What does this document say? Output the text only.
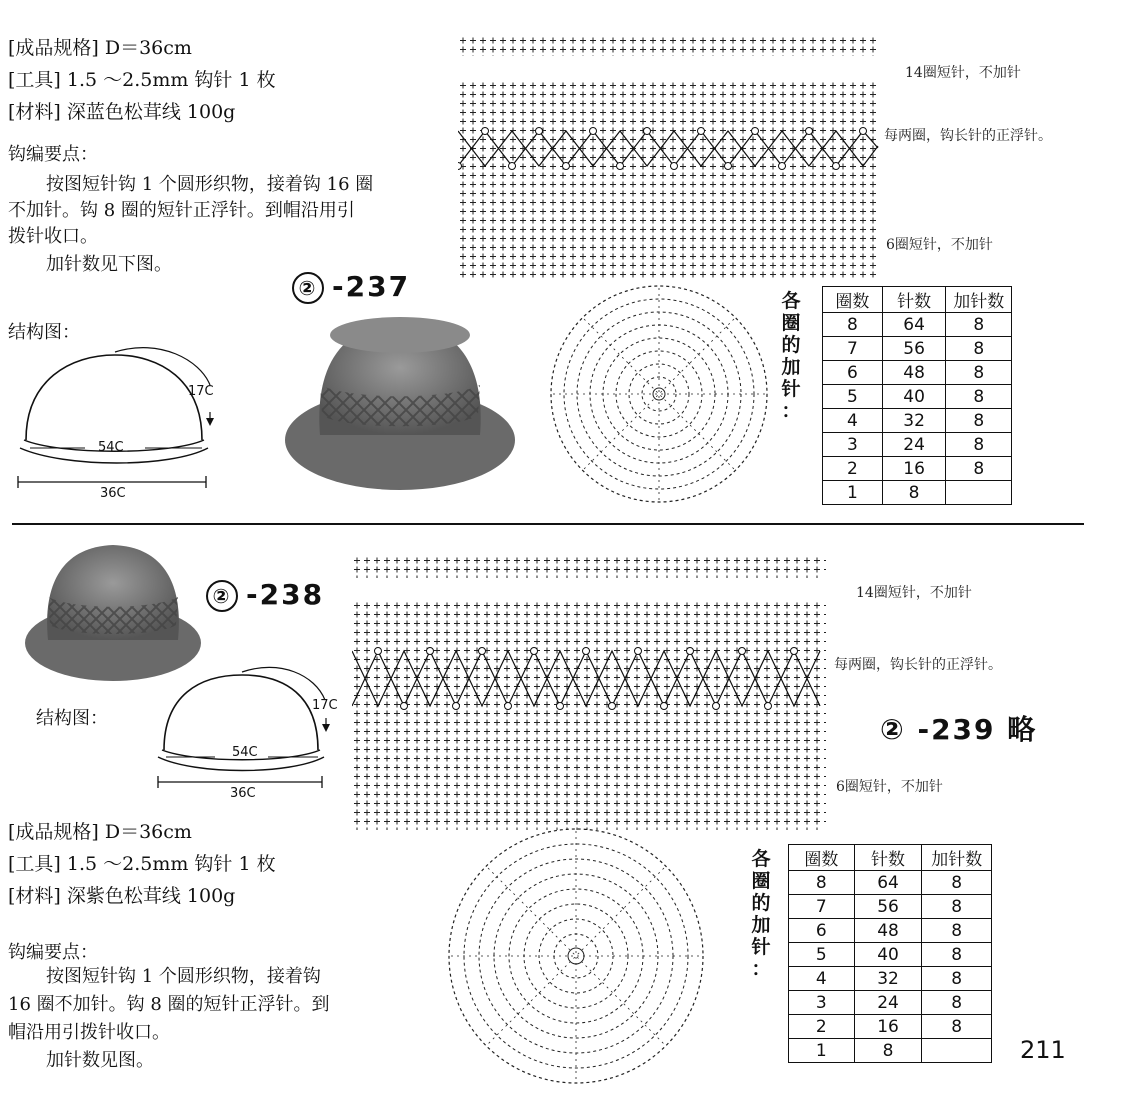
[成品规格] D＝36cm
[工具] 1.5 ～2.5mm 钩针 1 枚
[材料] 深蓝色松茸线 100g
钩编要点：
按图短针钩 1 个圆形织物，接着钩 16 圈
不加针。钩 8 圈的短针正浮针。到帽沿用引
拨针收口。
加针数见下图。
② -237
结构图：
17C
54C
36C
14圈短针，不加针
每两圈，钩长针的正浮针。
6圈短针，不加针
各
圈
的
加
针
：
圈数	针数	加针数
8	64	8
7	56	8
6	48	8
5	40	8
4	32	8
3	24	8
2	16	8
1	8	
② -238
结构图：
17C
54C
36C
14圈短针，不加针
每两圈，钩长针的正浮针。
6圈短针，不加针
② -239 略
[成品规格] D＝36cm
[工具] 1.5 ～2.5mm 钩针 1 枚
[材料] 深紫色松茸线 100g
钩编要点：
按图短针钩 1 个圆形织物，接着钩
16 圈不加针。钩 8 圈的短针正浮针。到
帽沿用引拨针收口。
加针数见图。
各
圈
的
加
针
：
圈数	针数	加针数
8	64	8
7	56	8
6	48	8
5	40	8
4	32	8
3	24	8
2	16	8
1	8		211
